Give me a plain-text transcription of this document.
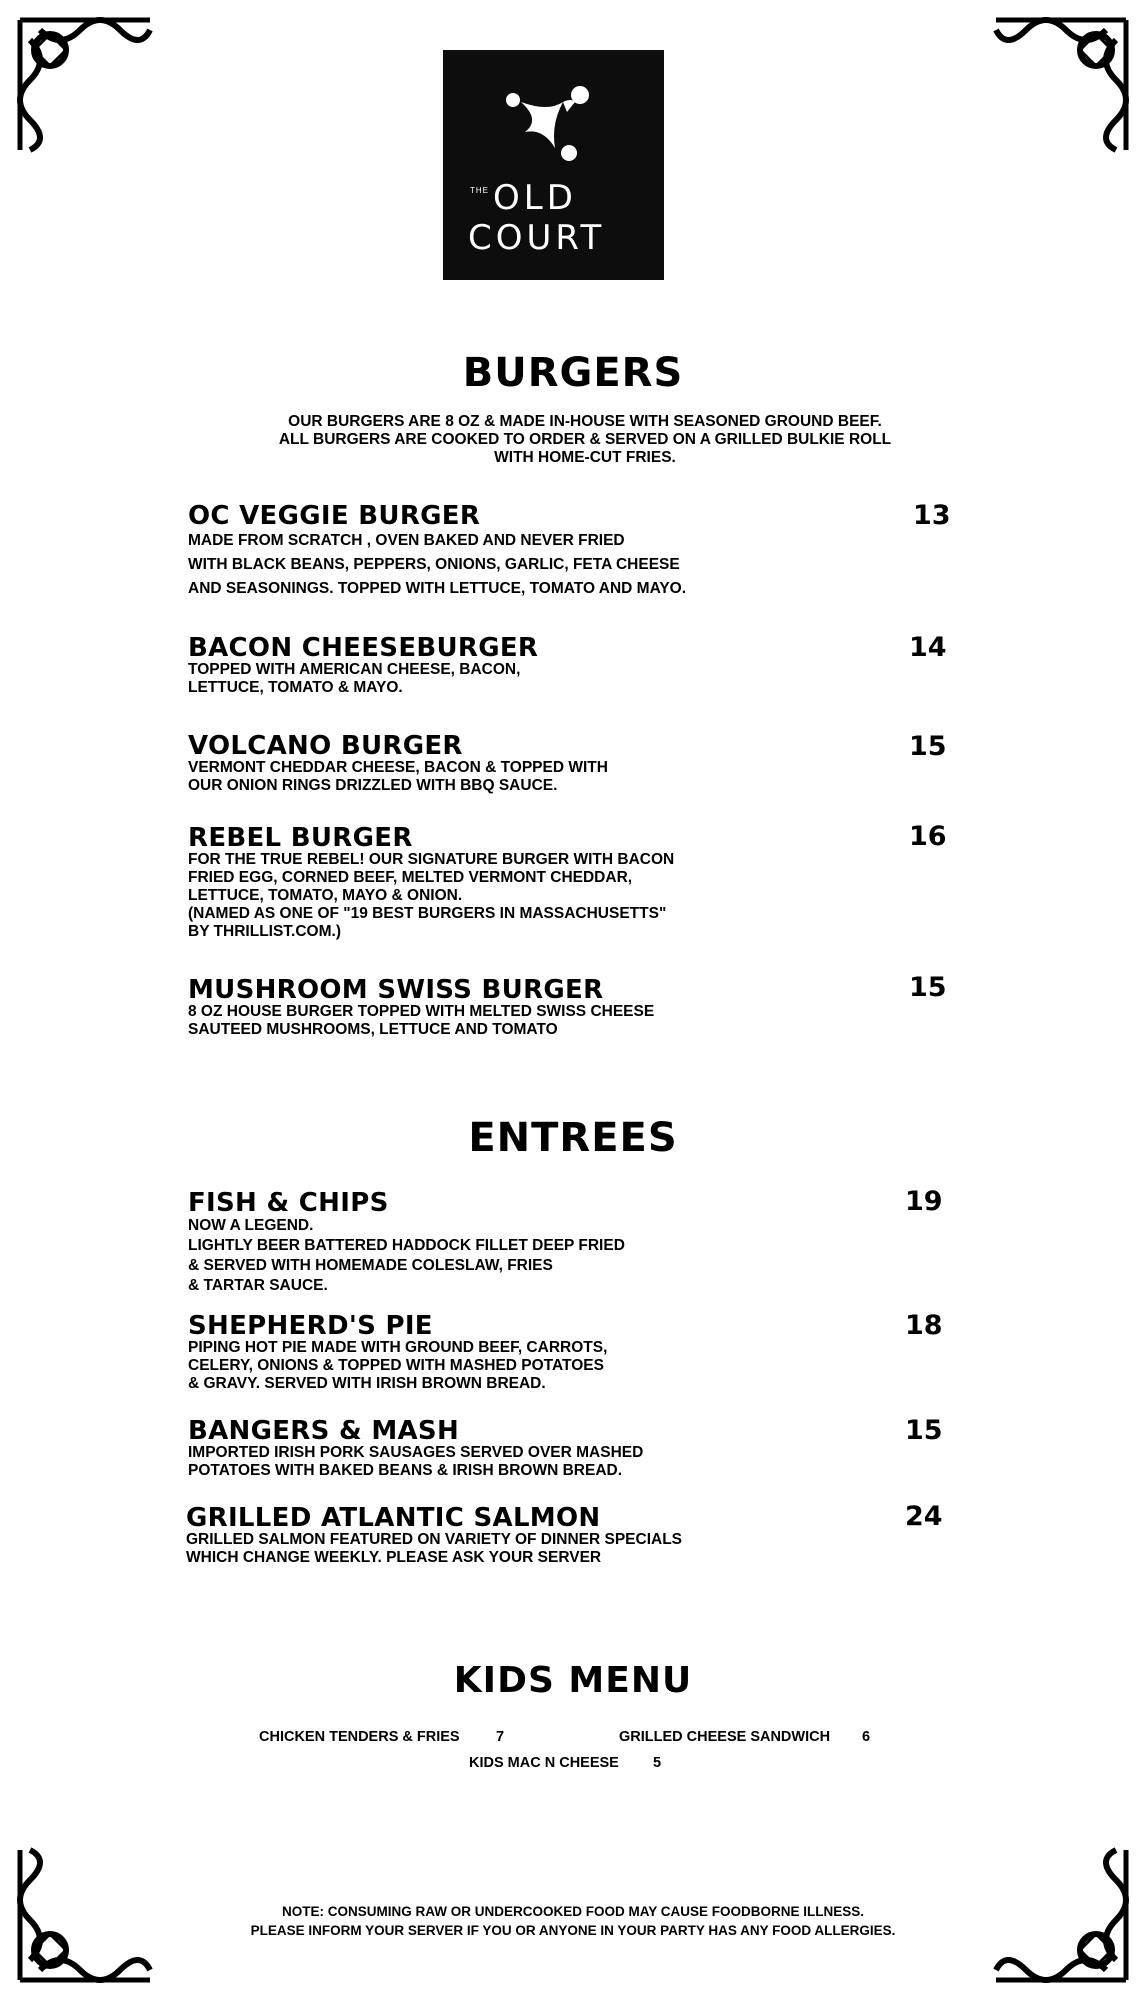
THE OLD
COURT
BURGERS
OUR BURGERS ARE 8 OZ & MADE IN-HOUSE WITH SEASONED GROUND BEEF.
ALL BURGERS ARE COOKED TO ORDER & SERVED ON A GRILLED BULKIE ROLL
WITH HOME-CUT FRIES.
OC VEGGIE BURGER
MADE FROM SCRATCH , OVEN BAKED AND NEVER FRIED
WITH BLACK BEANS, PEPPERS, ONIONS, GARLIC, FETA CHEESE
AND SEASONINGS. TOPPED WITH LETTUCE, TOMATO AND MAYO.
13
BACON CHEESEBURGER
TOPPED WITH AMERICAN CHEESE, BACON,
LETTUCE, TOMATO & MAYO.
14
VOLCANO BURGER
VERMONT CHEDDAR CHEESE, BACON & TOPPED WITH
OUR ONION RINGS DRIZZLED WITH BBQ SAUCE.
15
REBEL BURGER
FOR THE TRUE REBEL! OUR SIGNATURE BURGER WITH BACON
FRIED EGG, CORNED BEEF, MELTED VERMONT CHEDDAR,
LETTUCE, TOMATO, MAYO & ONION.
(NAMED AS ONE OF "19 BEST BURGERS IN MASSACHUSETTS"
BY THRILLIST.COM.)
16
MUSHROOM SWISS BURGER
8 OZ HOUSE BURGER TOPPED WITH MELTED SWISS CHEESE
SAUTEED MUSHROOMS, LETTUCE AND TOMATO
15
ENTREES
FISH & CHIPS
NOW A LEGEND.
LIGHTLY BEER BATTERED HADDOCK FILLET DEEP FRIED
& SERVED WITH HOMEMADE COLESLAW, FRIES
& TARTAR SAUCE.
19
SHEPHERD'S PIE
PIPING HOT PIE MADE WITH GROUND BEEF, CARROTS,
CELERY, ONIONS & TOPPED WITH MASHED POTATOES
& GRAVY. SERVED WITH IRISH BROWN BREAD.
18
BANGERS & MASH
IMPORTED IRISH PORK SAUSAGES SERVED OVER MASHED
POTATOES WITH BAKED BEANS & IRISH BROWN BREAD.
15
GRILLED ATLANTIC SALMON
GRILLED SALMON FEATURED ON VARIETY OF DINNER SPECIALS
WHICH CHANGE WEEKLY. PLEASE ASK YOUR SERVER
24
KIDS MENU
CHICKEN TENDERS & FRIES	7	GRILLED CHEESE SANDWICH 6
KIDS MAC N CHEESE 5
NOTE: CONSUMING RAW OR UNDERCOOKED FOOD MAY CAUSE FOODBORNE ILLNESS.
PLEASE INFORM YOUR SERVER IF YOU OR ANYONE IN YOUR PARTY HAS ANY FOOD ALLERGIES.
